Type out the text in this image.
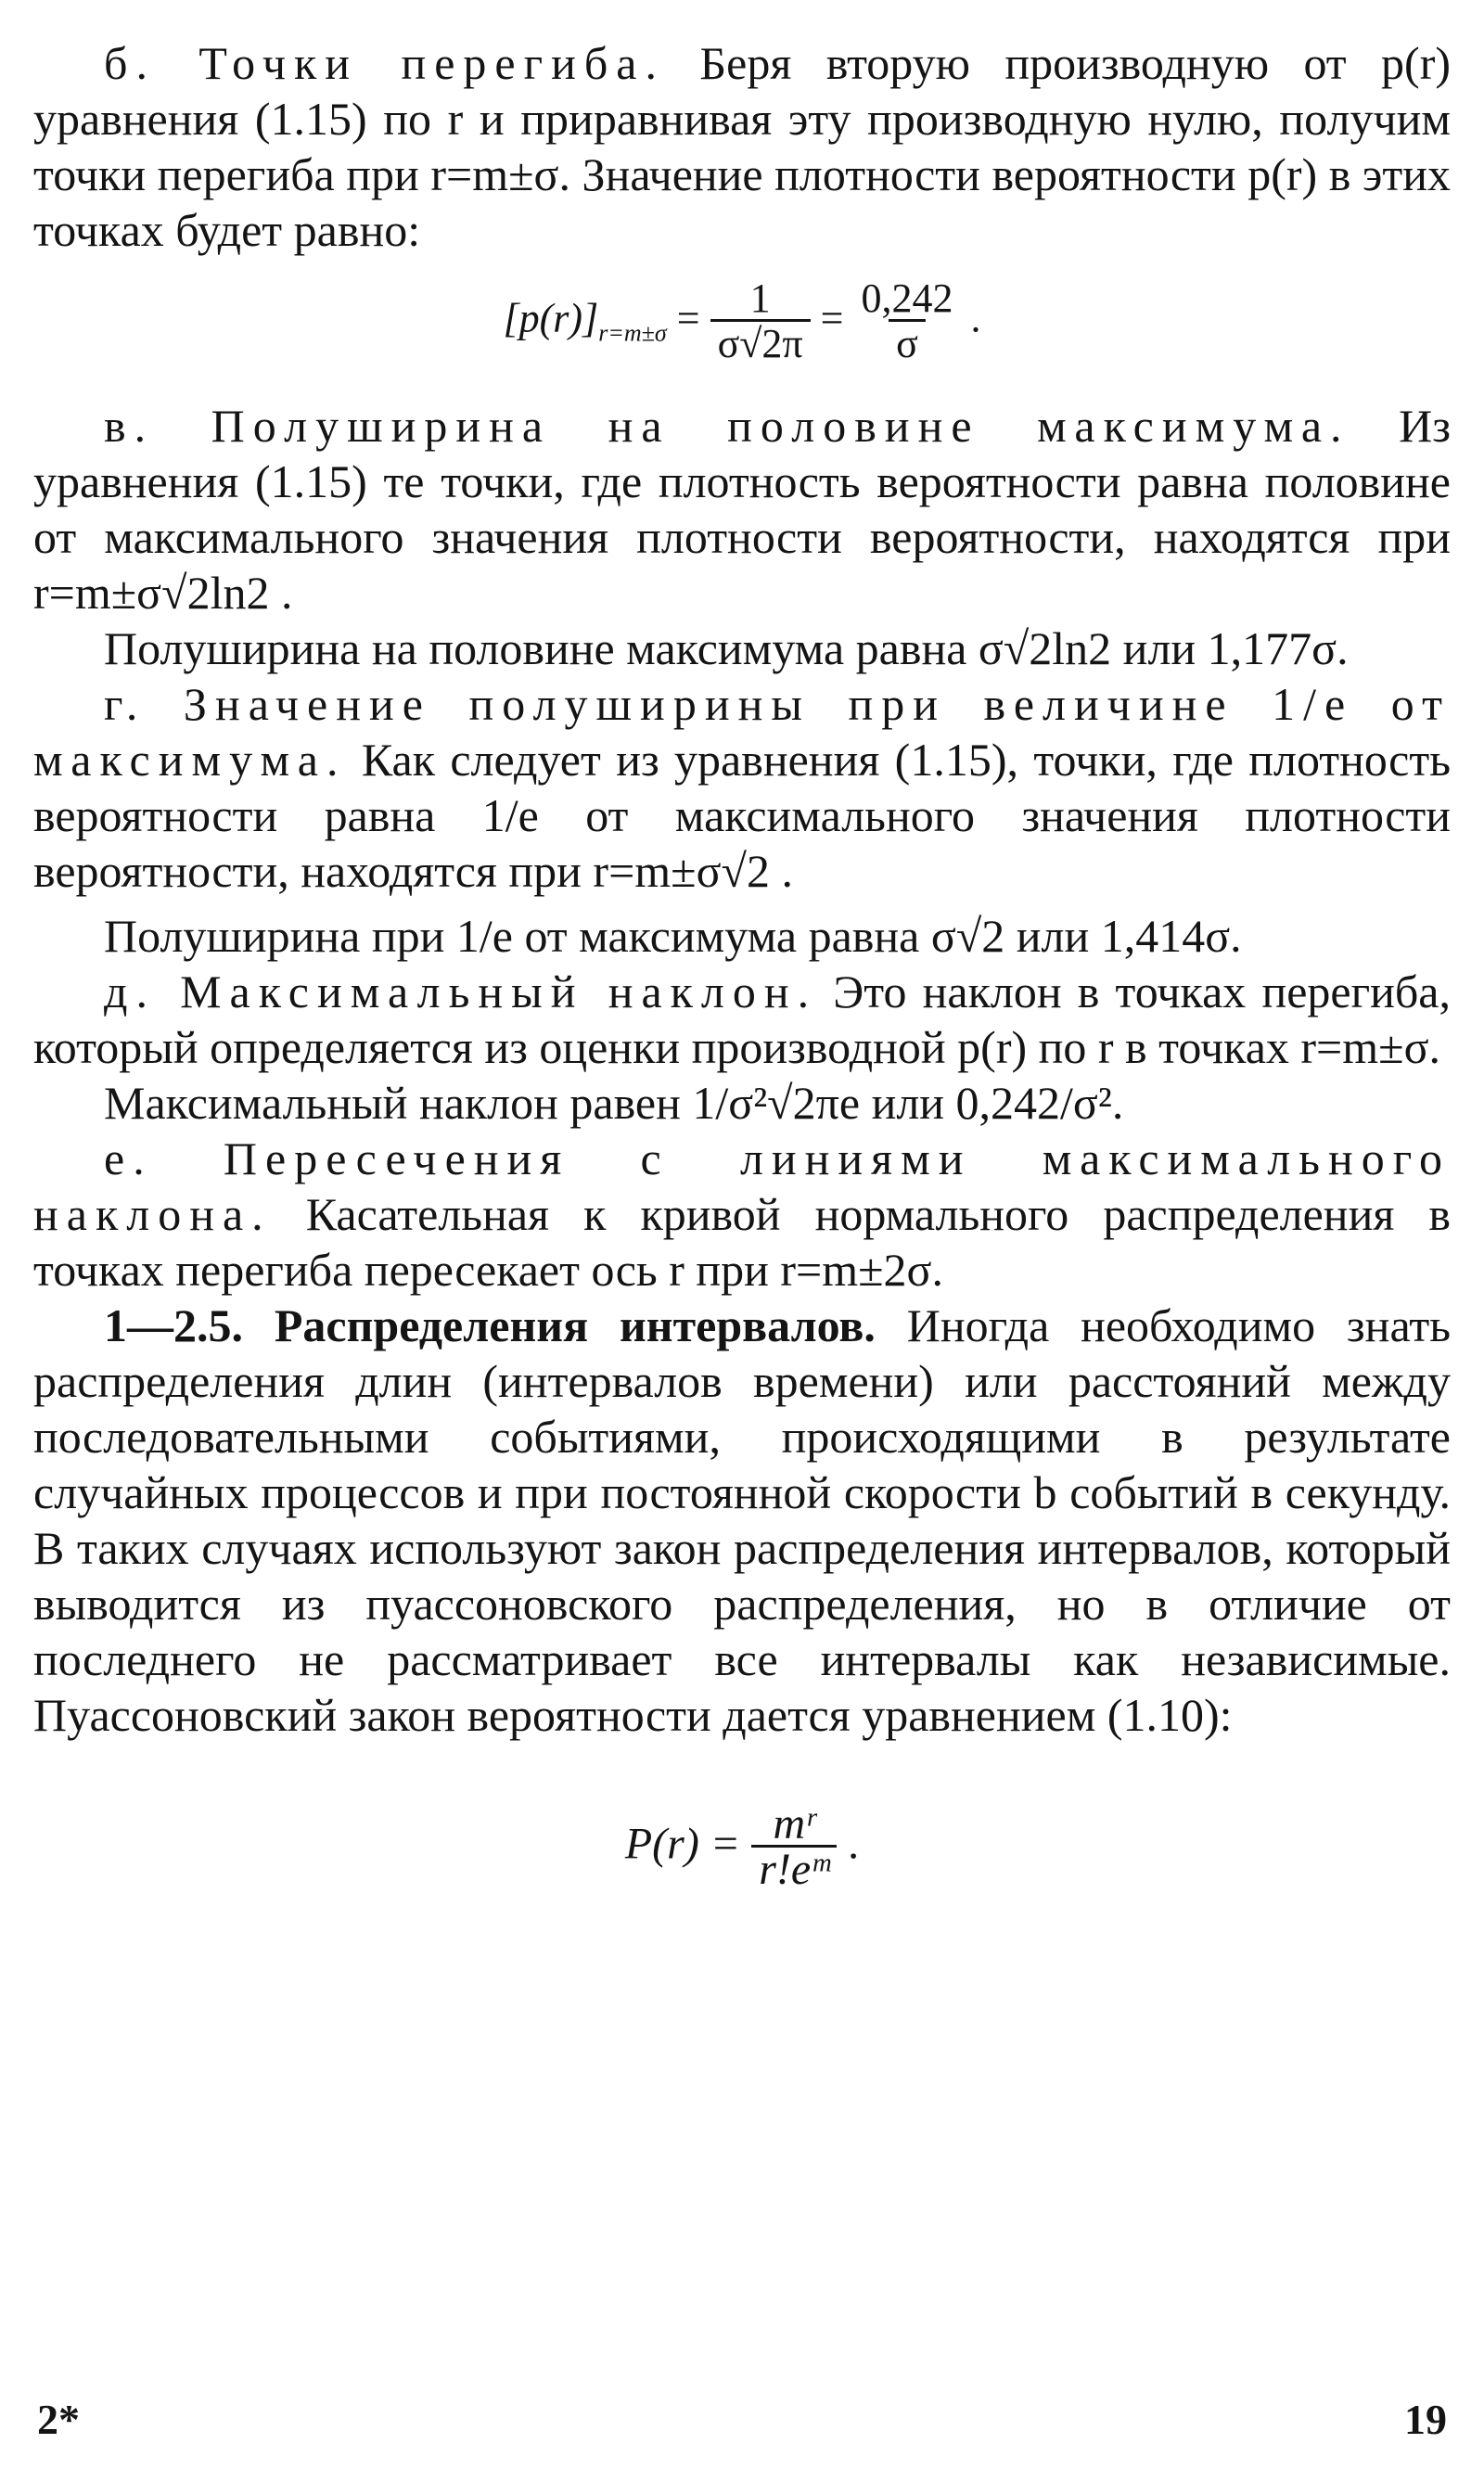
б. Точки перегиба. Беря вторую производную от p(r) уравнения (1.15) по r и приравнивая эту производную нулю, получим точки перегиба при r=m±σ. Значение плотности вероятности p(r) в этих точках будет равно:

$[p(r)]_{r=m\pm\sigma} = \frac{1}{\sigma√2\pi} = \frac{0,242}{\sigma}$ .

в. Полуширина на половине максимума. Из уравнения (1.15) те точки, где плотность вероятности равна половине от максимального значения плотности вероятности, находятся при r=m±σ√2ln2 .

Полуширина на половине максимума равна σ√2ln2 или 1,177σ.

г. Значение полуширины при величине 1/e от максимума. Как следует из уравнения (1.15), точки, где плотность вероятности равна 1/e от максимального значения плотности вероятности, находятся при r=m±σ√2 .

Полуширина при 1/e от максимума равна σ√2 или 1,414σ.

д. Максимальный наклон. Это наклон в точках перегиба, который определяется из оценки производной p(r) по r в точках r=m±σ.

Максимальный наклон равен 1/σ²√2πe или 0,242/σ².

е. Пересечения с линиями максимального наклона. Касательная к кривой нормального распределения в точках перегиба пересекает ось r при r=m±2σ.

1—2.5. Распределения интервалов. Иногда необходимо знать распределения длин (интервалов времени) или расстояний между последовательными событиями, происходящими в результате случайных процессов и при постоянной скорости b событий в секунду. В таких случаях используют закон распределения интервалов, который выводится из пуассоновского распределения, но в отличие от последнего не рассматривает все интервалы как независимые. Пуассоновский закон вероятности дается уравнением (1.10):

$P(r) = \frac{\text{mʳ}}{\text{r!eᵐ}}$ .
2*	19
